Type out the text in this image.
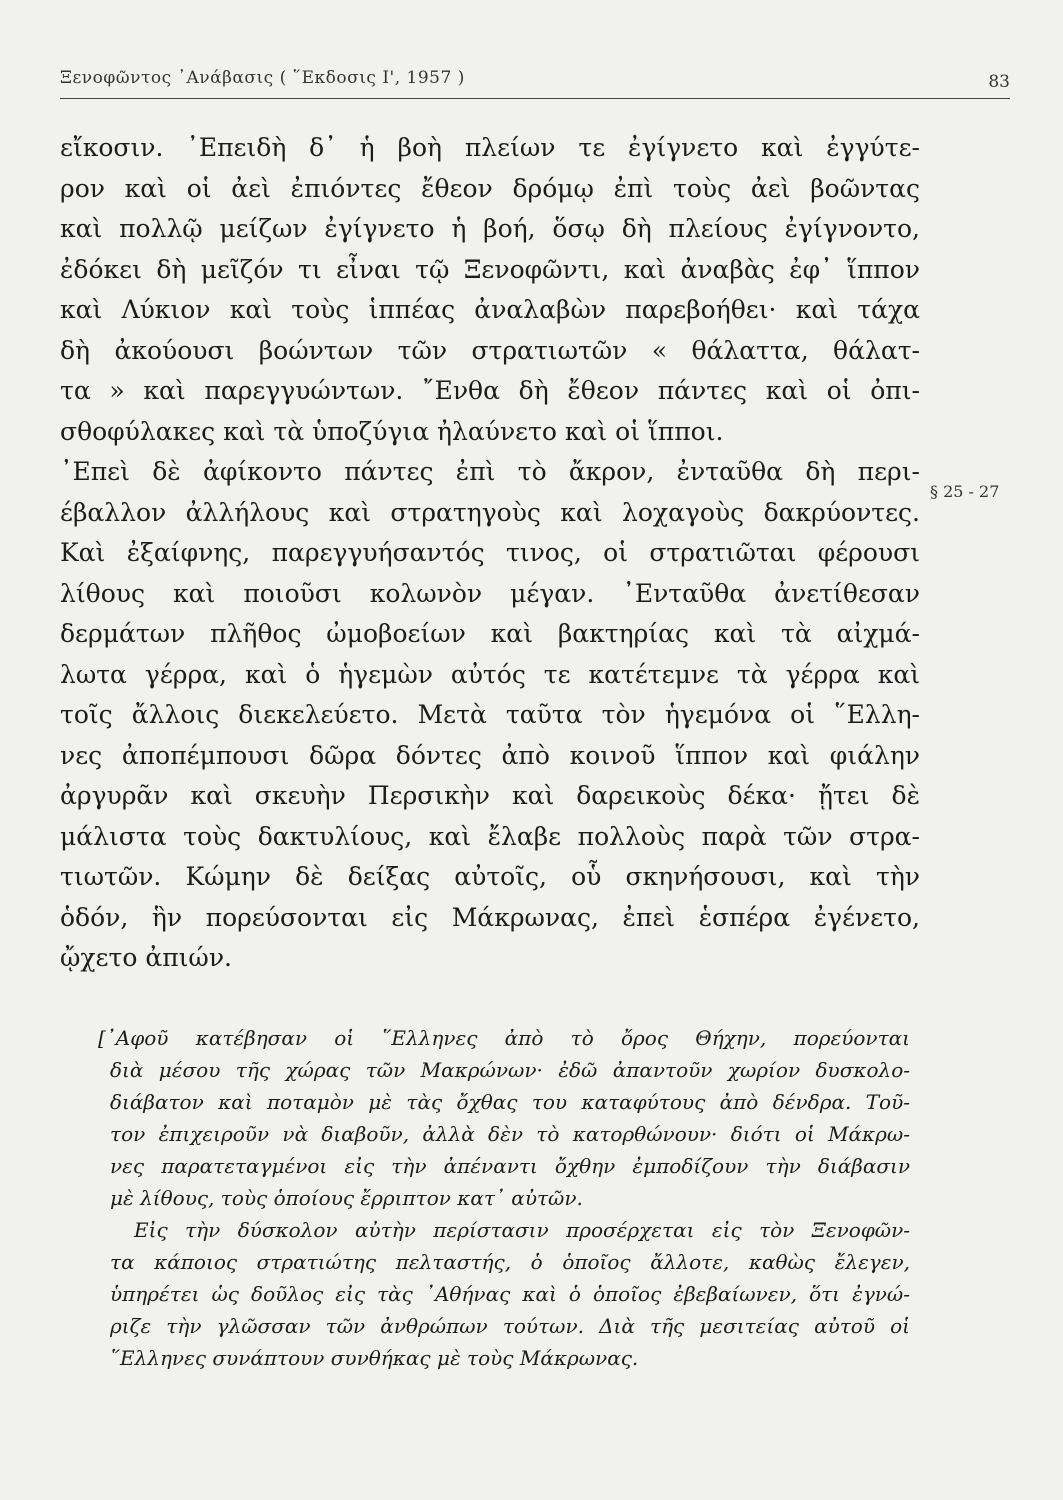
Ξενοφῶντος ᾿Ανάβασις ( ῞Εκδοσις Ι', 1957 )	83
εἴκοσιν. ᾿Επειδὴ δ᾿ ἡ βοὴ πλείων τε ἐγίγνετο καὶ ἐγγύτε-
ρον καὶ οἱ ἀεὶ ἐπιόντες ἔθεον δρόμῳ ἐπὶ τοὺς ἀεὶ βοῶντας
καὶ πολλῷ μείζων ἐγίγνετο ἡ βοή, ὅσῳ δὴ πλείους ἐγίγνοντο,
ἐδόκει δὴ μεῖζόν τι εἶναι τῷ Ξενοφῶντι, καὶ ἀναβὰς ἐφ᾿ ἵππον
καὶ Λύκιον καὶ τοὺς ἱππέας ἀναλαβὼν παρεβοήθει· καὶ τάχα
δὴ ἀκούουσι βοώντων τῶν στρατιωτῶν « θάλαττα, θάλατ-
τα » καὶ παρεγγυώντων. ῎Ενθα δὴ ἔθεον πάντες καὶ οἱ ὀπι-
σθοφύλακες καὶ τὰ ὑποζύγια ἠλαύνετο καὶ οἱ ἵπποι.
᾿Επεὶ δὲ ἀφίκοντο πάντες ἐπὶ τὸ ἄκρον, ἐνταῦθα δὴ περι-
έβαλλον ἀλλήλους καὶ στρατηγοὺς καὶ λοχαγοὺς δακρύοντες.
Καὶ ἐξαίφνης, παρεγγυήσαντός τινος, οἱ στρατιῶται φέρουσι
λίθους καὶ ποιοῦσι κολωνὸν μέγαν. ᾿Ενταῦθα ἀνετίθεσαν
δερμάτων πλῆθος ὠμοβοείων καὶ βακτηρίας καὶ τὰ αἰχμά-
λωτα γέρρα, καὶ ὁ ἡγεμὼν αὐτός τε κατέτεμνε τὰ γέρρα καὶ
τοῖς ἄλλοις διεκελεύετο. Μετὰ ταῦτα τὸν ἡγεμόνα οἱ ῞Ελλη-
νες ἀποπέμπουσι δῶρα δόντες ἀπὸ κοινοῦ ἵππον καὶ φιάλην
ἀργυρᾶν καὶ σκευὴν Περσικὴν καὶ δαρεικοὺς δέκα· ᾔτει δὲ
μάλιστα τοὺς δακτυλίους, καὶ ἔλαβε πολλοὺς παρὰ τῶν στρα-
τιωτῶν. Κώμην δὲ δείξας αὐτοῖς, οὗ σκηνήσουσι, καὶ τὴν
ὁδόν, ἣν πορεύσονται εἰς Μάκρωνας, ἐπεὶ ἑσπέρα ἐγένετο,
ᾤχετο ἀπιών.
§ 25 - 27
[᾿Αφοῦ κατέβησαν οἱ ῞Ελληνες ἀπὸ τὸ ὄρος Θήχην, πορεύονται
διὰ μέσου τῆς χώρας τῶν Μακρώνων· ἐδῶ ἀπαντοῦν χωρίον δυσκολο-
διάβατον καὶ ποταμὸν μὲ τὰς ὄχθας του καταφύτους ἀπὸ δένδρα. Τοῦ-
τον ἐπιχειροῦν νὰ διαβοῦν, ἀλλὰ δὲν τὸ κατορθώνουν· διότι οἱ Μάκρω-
νες παρατεταγμένοι εἰς τὴν ἀπέναντι ὄχθην ἐμποδίζουν τὴν διάβασιν
μὲ λίθους, τοὺς ὁποίους ἔρριπτον κατ᾿ αὐτῶν.
Εἰς τὴν δύσκολον αὐτὴν περίστασιν προσέρχεται εἰς τὸν Ξενοφῶν-
τα κάποιος στρατιώτης πελταστής, ὁ ὁποῖος ἄλλοτε, καθὼς ἔλεγεν,
ὑπηρέτει ὡς δοῦλος εἰς τὰς ᾿Αθήνας καὶ ὁ ὁποῖος ἐβεβαίωνεν, ὅτι ἐγνώ-
ριζε τὴν γλῶσσαν τῶν ἀνθρώπων τούτων. Διὰ τῆς μεσιτείας αὐτοῦ οἱ
῞Ελληνες συνάπτουν συνθήκας μὲ τοὺς Μάκρωνας.
